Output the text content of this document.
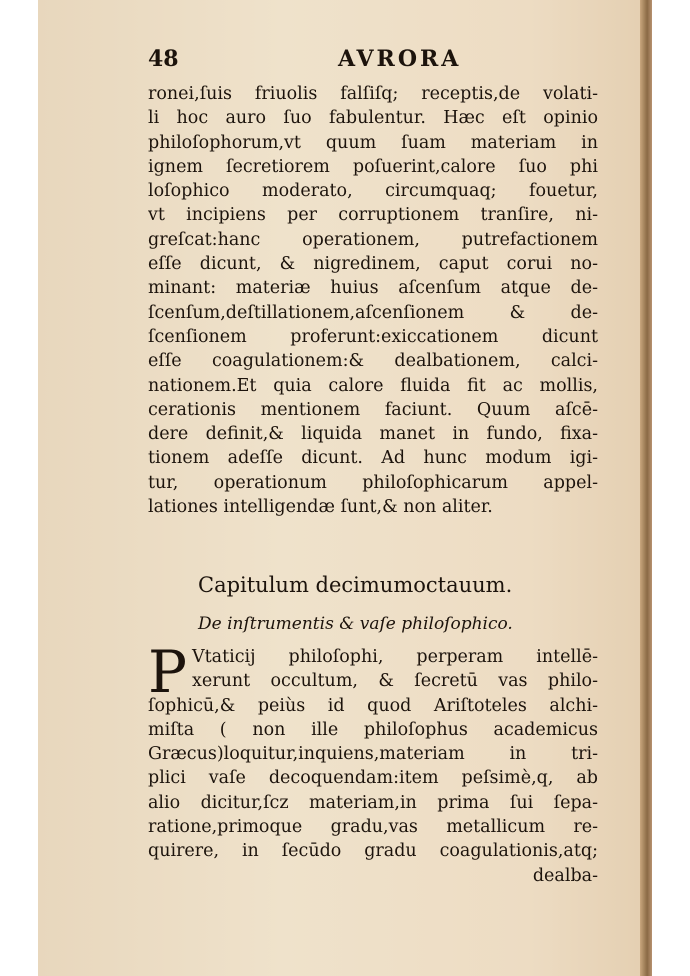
48	AVRORA
ronei,ſuis friuolis falſiſq; receptis,de volati-
li hoc auro ſuo fabulentur. Hæc eſt opinio
philoſophorum,vt quum ſuam materiam in
ignem ſecretiorem poſuerint,calore ſuo phi
loſophico moderato, circumquaq; fouetur,
vt incipiens per corruptionem tranſire, ni-
greſcat:hanc operationem, putrefactionem
eſſe dicunt, & nigredinem, caput corui no-
minant: materiæ huius aſcenſum atque de-
ſcenſum,deſtillationem,aſcenſionem & de-
ſcenſionem proferunt:exiccationem dicunt
eſſe coagulationem:& dealbationem, calci-
nationem.Et quia calore fluida fit ac mollis,
cerationis mentionem faciunt. Quum aſcē-
dere definit,& liquida manet in fundo, fixa-
tionem adeſſe dicunt. Ad hunc modum igi-
tur, operationum philoſophicarum appel-
lationes intelligendæ ſunt,& non aliter.
Capitulum decimumoctauum.
De inſtrumentis & vaſe philoſophico.
P Vtaticij philoſophi, perperam intellē-
xerunt occultum, & ſecretū vas philo-
ſophicū,& peiùs id quod Ariſtoteles alchi-
miſta ( non ille philoſophus academicus
Græcus)loquitur,inquiens,materiam in tri-
plici vaſe decoquendam:item peſsimè,q, ab
alio dicitur,ſcz materiam,in prima ſui ſepa-
ratione,primoque gradu,vas metallicum re-
quirere, in ſecūdo gradu coagulationis,atq;
dealba-
